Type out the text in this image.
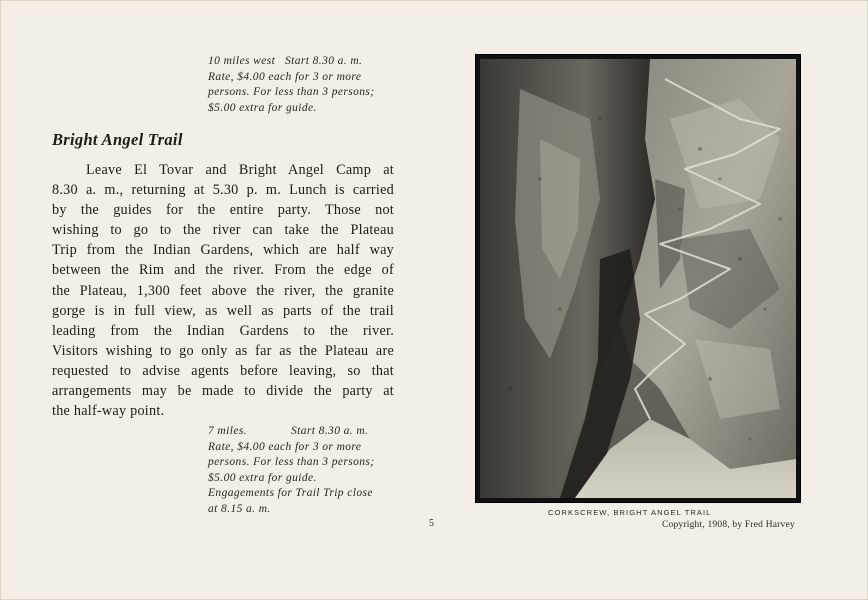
10 miles west Start 8.30 a. m.
Rate, $4.00 each for 3 or more
persons. For less than 3 persons;
$5.00 extra for guide.
Bright Angel Trail
Leave El Tovar and Bright Angel Camp at
8.30 a. m., returning at 5.30 p. m. Lunch is carried
by the guides for the entire party. Those not
wishing to go to the river can take the Plateau
Trip from the Indian Gardens, which are half way
between the Rim and the river. From the edge of
the Plateau, 1,300 feet above the river, the granite
gorge is in full view, as well as parts of the trail
leading from the Indian Gardens to the river.
Visitors wishing to go only as far as the Plateau are
requested to advise agents before leaving, so that
arrangements may be made to divide the party at
the half-way point.
7 miles.	Start 8.30 a. m.
Rate, $4.00 each for 3 or more
persons. For less than 3 persons;
$5.00 extra for guide.
Engagements for Trail Trip close
at 8.15 a. m.	CORKSCREW, BRIGHT ANGEL TRAIL
Copyright, 1908, by Fred Harvey
5
